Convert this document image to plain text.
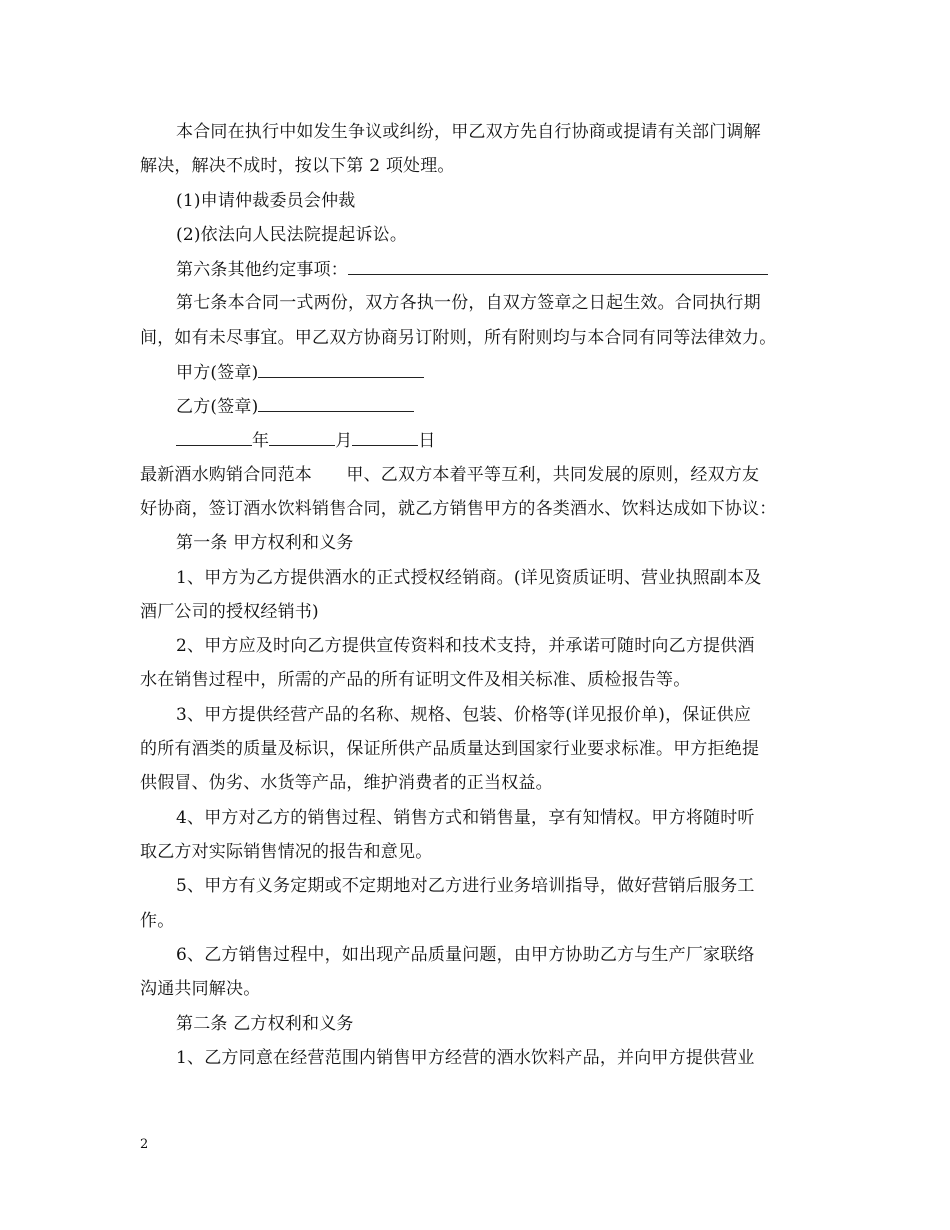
本合同在执行中如发生争议或纠纷，甲乙双方先自行协商或提请有关部门调解
解决，解决不成时，按以下第 2 项处理。
(1)申请仲裁委员会仲裁
(2)依法向人民法院提起诉讼。
第六条其他约定事项：
第七条本合同一式两份，双方各执一份，自双方签章之日起生效。合同执行期
间，如有未尽事宜。甲乙双方协商另订附则，所有附则均与本合同有同等法律效力。
甲方(签章)
乙方(签章)
年	月	日
最新酒水购销合同范本　　甲、乙双方本着平等互利，共同发展的原则，经双方友
好协商，签订酒水饮料销售合同，就乙方销售甲方的各类酒水、饮料达成如下协议：
第一条 甲方权利和义务
1、甲方为乙方提供酒水的正式授权经销商。(详见资质证明、营业执照副本及
酒厂公司的授权经销书)
2、甲方应及时向乙方提供宣传资料和技术支持，并承诺可随时向乙方提供酒
水在销售过程中，所需的产品的所有证明文件及相关标准、质检报告等。
3、甲方提供经营产品的名称、规格、包装、价格等(详见报价单)，保证供应
的所有酒类的质量及标识，保证所供产品质量达到国家行业要求标准。甲方拒绝提
供假冒、伪劣、水货等产品，维护消费者的正当权益。
4、甲方对乙方的销售过程、销售方式和销售量，享有知情权。甲方将随时听
取乙方对实际销售情况的报告和意见。
5、甲方有义务定期或不定期地对乙方进行业务培训指导，做好营销后服务工
作。
6、乙方销售过程中，如出现产品质量问题，由甲方协助乙方与生产厂家联络
沟通共同解决。
第二条 乙方权利和义务
1、乙方同意在经营范围内销售甲方经营的酒水饮料产品，并向甲方提供营业
2
